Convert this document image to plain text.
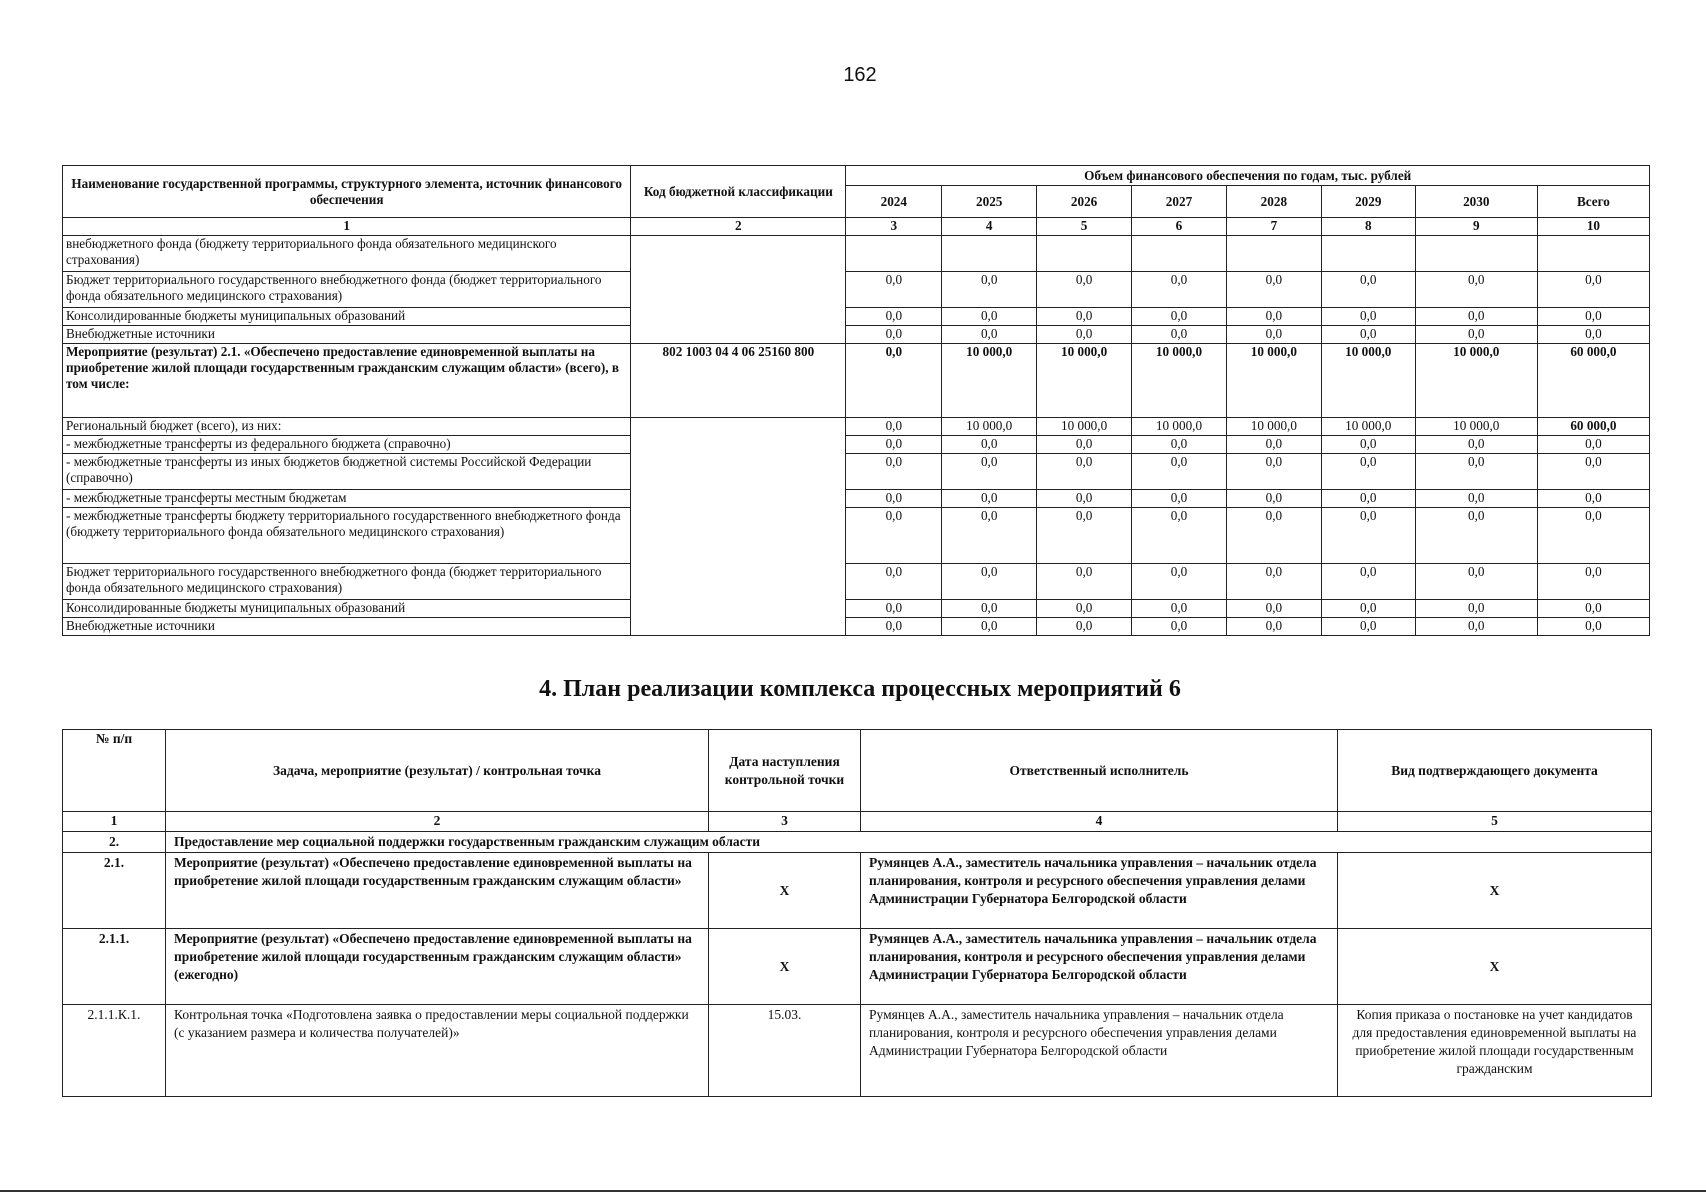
162
Наименование государственной программы, структурного элемента, источник финансового обеспечения	Код бюджетной классификации	Объем финансового обеспечения по годам, тыс. рублей							
		2024	2025	2026	2027	2028	2029	2030	Всего
1	2	3	4	5	6	7	8	9	10
внебюджетного фонда (бюджету территориального фонда обязательного медицинского страхования)									
Бюджет территориального государственного внебюджетного фонда (бюджет территориального фонда обязательного медицинского страхования)		0,0	0,0	0,0	0,0	0,0	0,0	0,0	0,0
Консолидированные бюджеты муниципальных образований		0,0	0,0	0,0	0,0	0,0	0,0	0,0	0,0
Внебюджетные источники		0,0	0,0	0,0	0,0	0,0	0,0	0,0	0,0
Мероприятие (результат) 2.1. «Обеспечено предоставление единовременной выплаты на приобретение жилой площади государственным гражданским служащим области» (всего), в том числе:	802 1003 04 4 06 25160 800	0,0	10 000,0	10 000,0	10 000,0	10 000,0	10 000,0	10 000,0	60 000,0
Региональный бюджет (всего), из них:		0,0	10 000,0	10 000,0	10 000,0	10 000,0	10 000,0	10 000,0	60 000,0
- межбюджетные трансферты из федерального бюджета (справочно)		0,0	0,0	0,0	0,0	0,0	0,0	0,0	0,0
- межбюджетные трансферты из иных бюджетов бюджетной системы Российской Федерации (справочно)		0,0	0,0	0,0	0,0	0,0	0,0	0,0	0,0
- межбюджетные трансферты местным бюджетам		0,0	0,0	0,0	0,0	0,0	0,0	0,0	0,0
- межбюджетные трансферты бюджету территориального государственного внебюджетного фонда (бюджету территориального фонда обязательного медицинского страхования)		0,0	0,0	0,0	0,0	0,0	0,0	0,0	0,0
Бюджет территориального государственного внебюджетного фонда (бюджет территориального фонда обязательного медицинского страхования)		0,0	0,0	0,0	0,0	0,0	0,0	0,0	0,0
Консолидированные бюджеты муниципальных образований		0,0	0,0	0,0	0,0	0,0	0,0	0,0	0,0
Внебюджетные источники		0,0	0,0	0,0	0,0	0,0	0,0	0,0	0,0
4. План реализации комплекса процессных мероприятий 6
№ п/п	Задача, мероприятие (результат) / контрольная точка	Дата наступления контрольной точки	Ответственный исполнитель	Вид подтверждающего документа
1	2	3	4	5
2.	Предоставление мер социальной поддержки государственным гражданским служащим области			
2.1.	Мероприятие (результат) «Обеспечено предоставление единовременной выплаты на приобретение жилой площади государственным гражданским служащим области»	Х	Румянцев А.А., заместитель начальника управления – начальник отдела планирования, контроля и ресурсного обеспечения управления делами Администрации Губернатора Белгородской области	Х
2.1.1.	Мероприятие (результат) «Обеспечено предоставление единовременной выплаты на приобретение жилой площади государственным гражданским служащим области» (ежегодно)	Х	Румянцев А.А., заместитель начальника управления – начальник отдела планирования, контроля и ресурсного обеспечения управления делами Администрации Губернатора Белгородской области	Х
2.1.1.К.1.	Контрольная точка «Подготовлена заявка о предоставлении меры социальной поддержки (с указанием размера и количества получателей)»	15.03.	Румянцев А.А., заместитель начальника управления – начальник отдела планирования, контроля и ресурсного обеспечения управления делами Администрации Губернатора Белгородской области	Копия приказа о постановке на учет кандидатов для предоставления единовременной выплаты на приобретение жилой площади государственным гражданским
